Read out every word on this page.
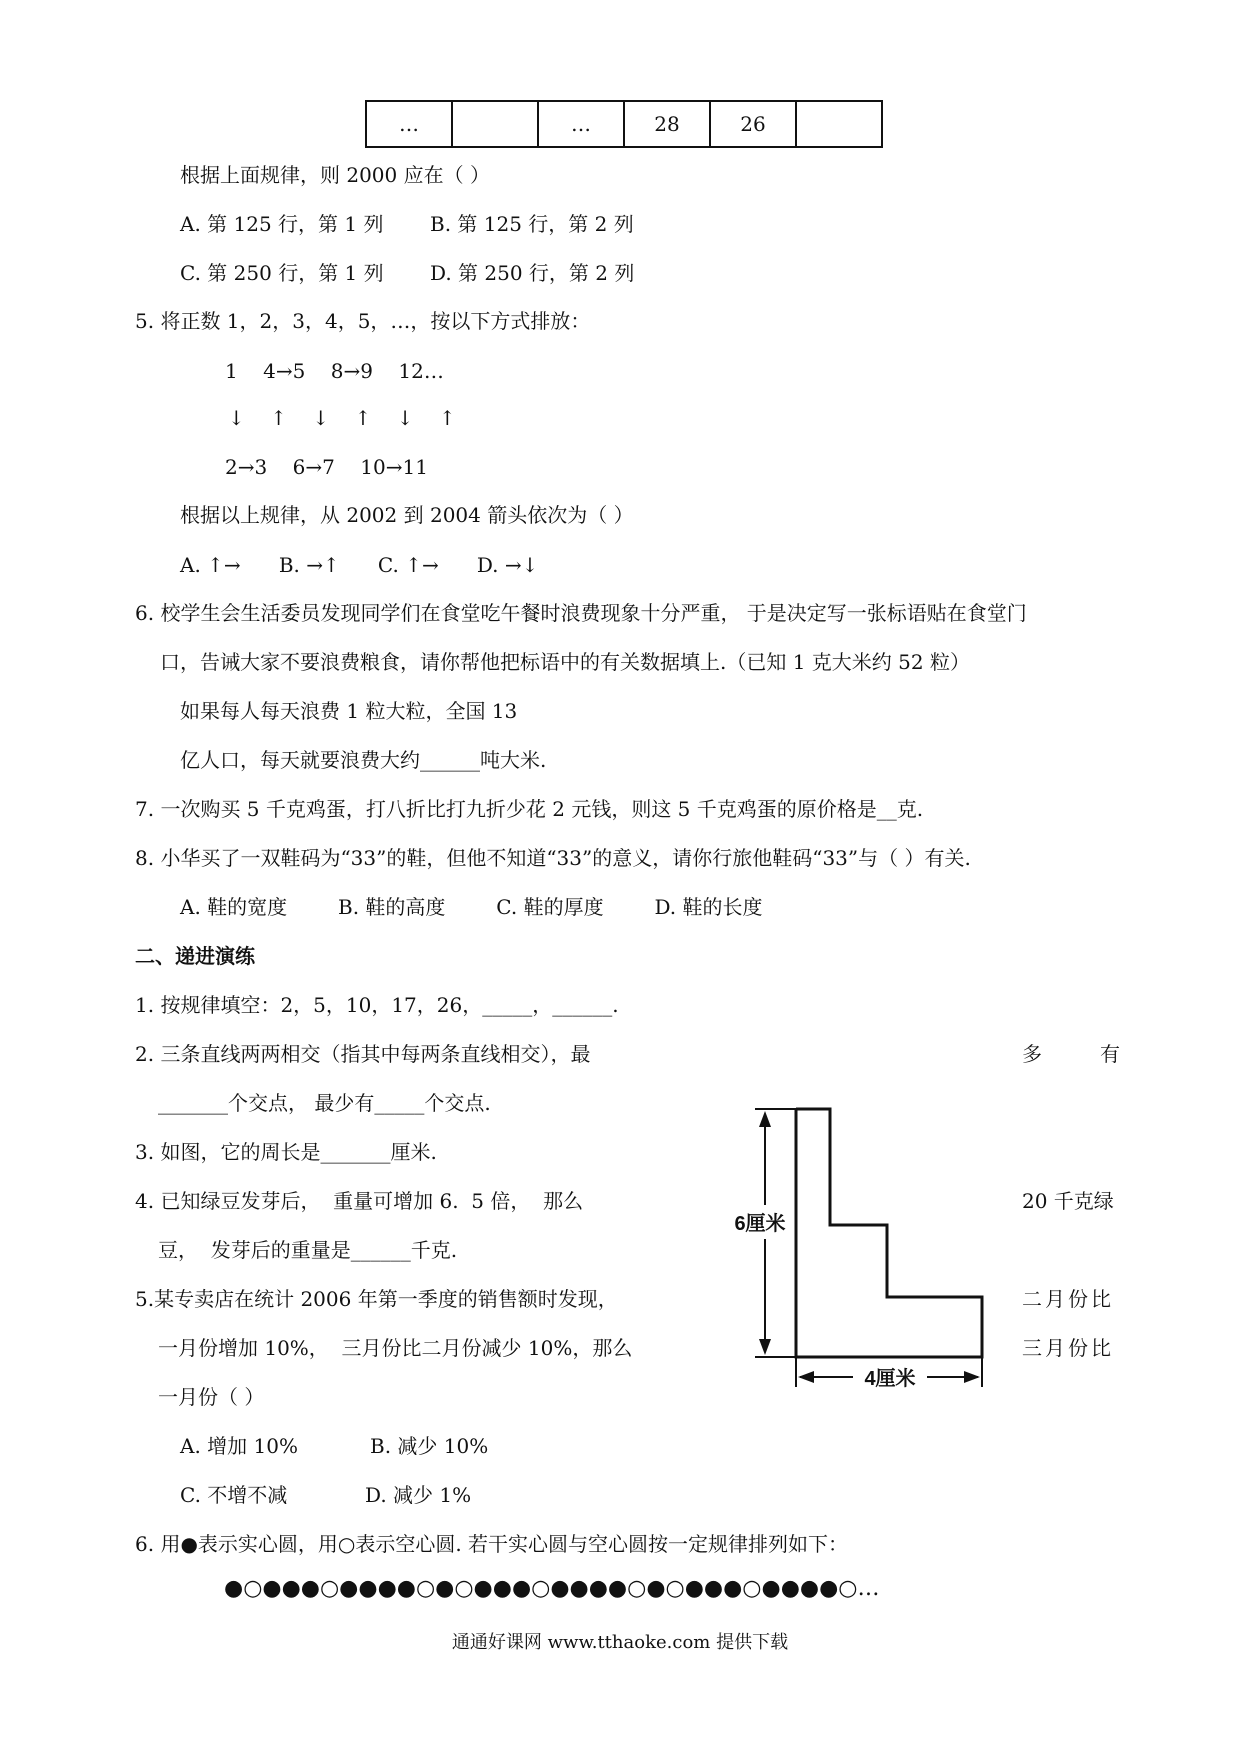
…		…	28	26	
根据上面规律，则 2000 应在（ ）
A. 第 125 行，第 1 列 B. 第 125 行，第 2 列
C. 第 250 行，第 1 列 D. 第 250 行，第 2 列
5. 将正数 1，2，3，4，5，…，按以下方式排放：
1    4→5    8→9    12…
↓    ↑    ↓    ↑    ↓    ↑
2→3    6→7    10→11
根据以上规律，从 2002 到 2004 箭头依次为（ ）
A. ↑→      B. →↑      C. ↑→      D. →↓
6. 校学生会生活委员发现同学们在食堂吃午餐时浪费现象十分严重， 于是决定写一张标语贴在食堂门
口，告诫大家不要浪费粮食，请你帮他把标语中的有关数据填上.（已知 1 克大米约 52 粒）
如果每人每天浪费 1 粒大粒，全国 13
亿人口，每天就要浪费大约______吨大米.
7. 一次购买 5 千克鸡蛋，打八折比打九折少花 2 元钱，则这 5 千克鸡蛋的原价格是__克.
8. 小华买了一双鞋码为“33”的鞋，但他不知道“33”的意义，请你行旅他鞋码“33”与（ ）有关.
A. 鞋的宽度        B. 鞋的高度        C. 鞋的厚度        D. 鞋的长度
二、递进演练
1. 按规律填空：2，5，10，17，26，_____，______.
2. 三条直线两两相交（指其中每两条直线相交），最	多	有
_______个交点， 最少有_____个交点.
3. 如图，它的周长是_______厘米.
4. 已知绿豆发芽后，  重量可增加 6.  5 倍，  那么	20 千克绿
豆，  发芽后的重量是______千克.
5.某专卖店在统计 2006 年第一季度的销售额时发现，	二月份比
一月份增加 10%，  三月份比二月份减少 10%，那么	三月份比
一月份（ ）
A. 增加 10%	B. 减少 10%
C. 不增不减	D. 减少 1%
6厘米
4厘米
6. 用●表示实心圆，用○表示空心圆. 若干实心圆与空心圆按一定规律排列如下：
●○●●●○●●●●○●○●●●○●●●●○●○●●●○●●●●○…
通通好课网 www.tthaoke.com 提供下载
